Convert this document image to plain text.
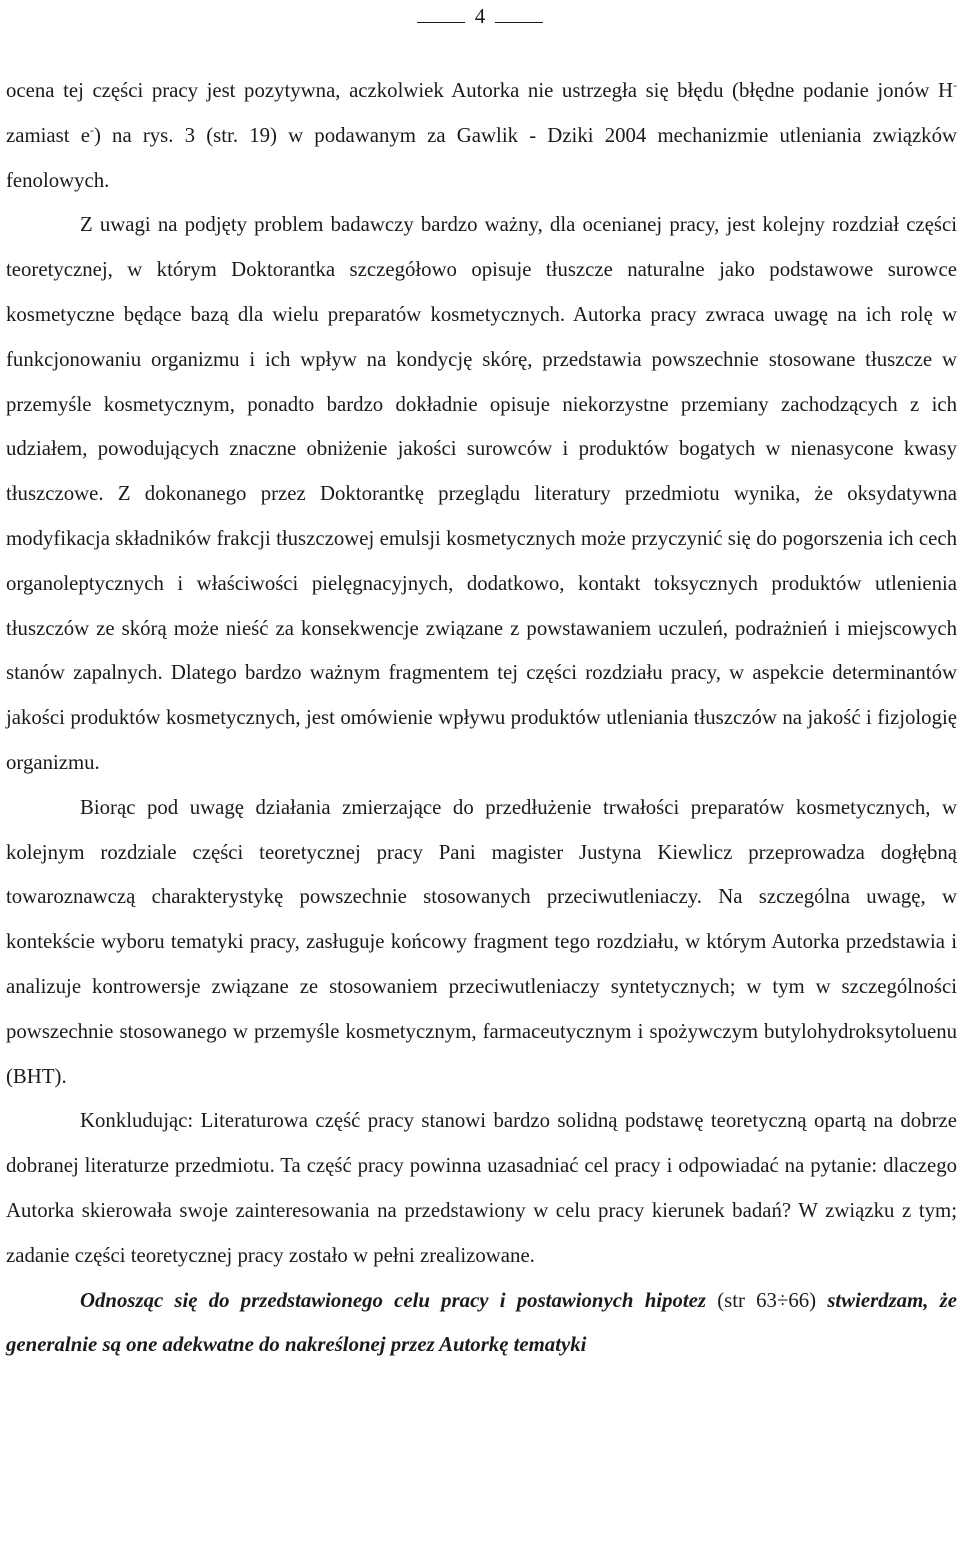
4

ocena tej części pracy jest pozytywna, aczkolwiek Autorka nie ustrzegła się błędu (błędne podanie jonów H- zamiast e-) na rys. 3 (str. 19) w podawanym za Gawlik - Dziki 2004 mechanizmie utleniania związków fenolowych.

Z uwagi na podjęty problem badawczy bardzo ważny, dla ocenianej pracy, jest kolejny rozdział części teoretycznej, w którym Doktorantka szczegółowo opisuje tłuszcze naturalne jako podstawowe surowce kosmetyczne będące bazą dla wielu preparatów kosmetycznych. Autorka pracy zwraca uwagę na ich rolę w funkcjonowaniu organizmu i ich wpływ na kondycję skórę, przedstawia powszechnie stosowane tłuszcze w przemyśle kosmetycznym, ponadto bardzo dokładnie opisuje niekorzystne przemiany zachodzących z ich udziałem, powodujących znaczne obniżenie jakości surowców i produktów bogatych w nienasycone kwasy tłuszczowe. Z dokonanego przez Doktorantkę przeglądu literatury przedmiotu wynika, że oksydatywna modyfikacja składników frakcji tłuszczowej emulsji kosmetycznych może przyczynić się do pogorszenia ich cech organoleptycznych i właściwości pielęgnacyjnych, dodatkowo, kontakt toksycznych produktów utlenienia tłuszczów ze skórą może nieść za konsekwencje związane z powstawaniem uczuleń, podrażnień i miejscowych stanów zapalnych. Dlatego bardzo ważnym fragmentem tej części rozdziału pracy, w aspekcie determinantów jakości produktów kosmetycznych, jest omówienie wpływu produktów utleniania tłuszczów na jakość i fizjologię organizmu.

Biorąc pod uwagę działania zmierzające do przedłużenie trwałości preparatów kosmetycznych, w kolejnym rozdziale części teoretycznej pracy Pani magister Justyna Kiewlicz przeprowadza dogłębną towaroznawczą charakterystykę powszechnie stosowanych przeciwutleniaczy. Na szczególna uwagę, w kontekście wyboru tematyki pracy, zasługuje końcowy fragment tego rozdziału, w którym Autorka przedstawia i analizuje kontrowersje związane ze stosowaniem przeciwutleniaczy syntetycznych; w tym w szczególności powszechnie stosowanego w przemyśle kosmetycznym, farmaceutycznym i spożywczym butylohydroksytoluenu (BHT).

Konkludując: Literaturowa część pracy stanowi bardzo solidną podstawę teoretyczną opartą na dobrze dobranej literaturze przedmiotu. Ta część pracy powinna uzasadniać cel pracy i odpowiadać na pytanie: dlaczego Autorka skierowała swoje zainteresowania na przedstawiony w celu pracy kierunek badań? W związku z tym; zadanie części teoretycznej pracy zostało w pełni zrealizowane.

Odnosząc się do przedstawionego celu pracy i postawionych hipotez (str 63÷66) stwierdzam, że generalnie są one adekwatne do nakreślonej przez Autorkę tematyki
